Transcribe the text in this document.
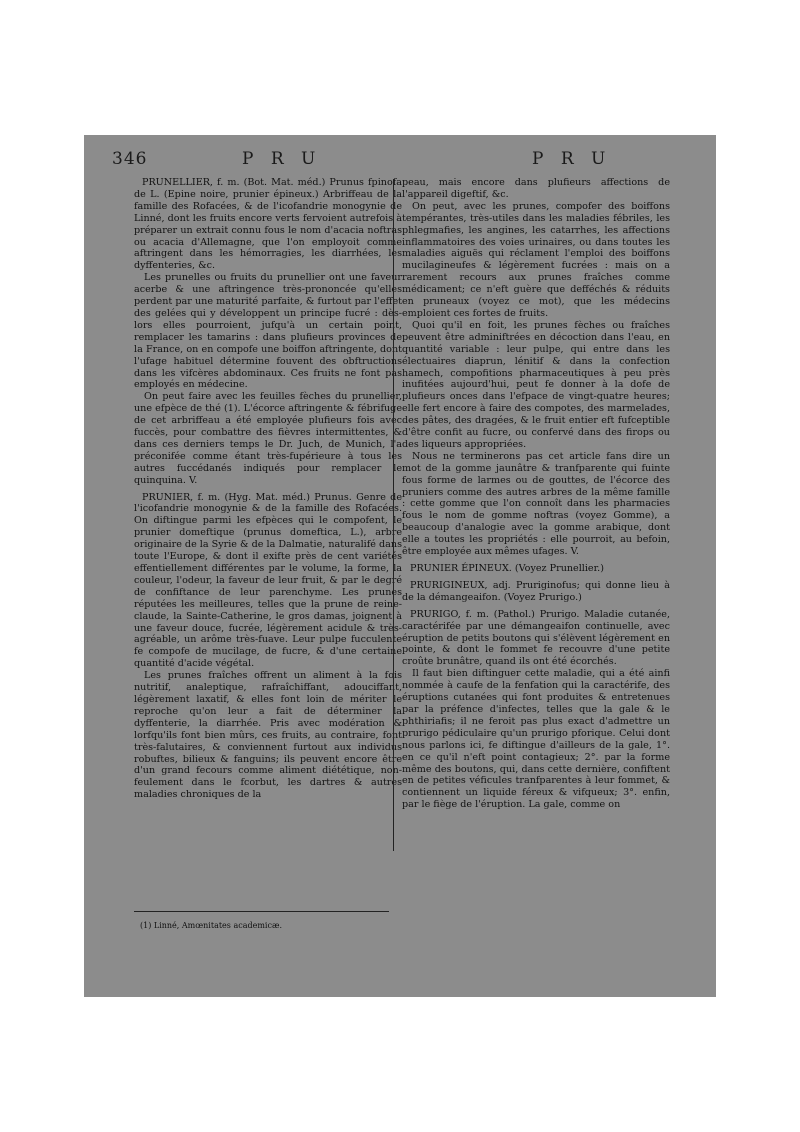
346	P R U	P R U

PRUNELLIER, f. m. (Bot. Mat. méd.) Prunus fpinofa de L. (Epine noire, prunier épineux.) Arbriffeau de la famille des Rofacées, & de l'icofandrie monogynie de Linné, dont les fruits encore verts fervoient autrefois à préparer un extrait connu fous le nom d'acacia noftras ou acacia d'Allemagne, que l'on employoit comme aftringent dans les hémorragies, les diarrhées, les dyffenteries, &c.

Les prunelles ou fruits du prunellier ont une faveur acerbe & une aftringence très-prononcée qu'elles perdent par une maturité parfaite, & furtout par l'effet des gelées qui y développent un principe fucré : dès-lors elles pourroient, jufqu'à un certain point, remplacer les tamarins : dans plufieurs provinces de la France, on en compofe une boiffon aftringente, dont l'ufage habituel détermine fouvent des obftructions dans les vifcères abdominaux. Ces fruits ne font pas employés en médecine.

On peut faire avec les feuilles fèches du prunellier, une efpèce de thé (1). L'écorce aftringente & fébrifuge de cet arbriffeau a été employée plufieurs fois avec fuccès, pour combattre des fièvres intermittentes, & dans ces derniers temps le Dr. Juch, de Munich, l'a préconifée comme étant très-fupérieure à tous les autres fuccédanés indiqués pour remplacer le quinquina. V.

PRUNIER, f. m. (Hyg. Mat. méd.) Prunus. Genre de l'icofandrie monogynie & de la famille des Rofacées. On diftingue parmi les efpèces qui le compofent, le prunier domeftique (prunus domeftica, L.), arbre originaire de la Syrie & de la Dalmatie, naturalifé dans toute l'Europe, & dont il exifte près de cent variétés effentiellement différentes par le volume, la forme, la couleur, l'odeur, la faveur de leur fruit, & par le degré de confiftance de leur parenchyme. Les prunes réputées les meilleures, telles que la prune de reine-claude, la Sainte-Catherine, le gros damas, joignent à une faveur douce, fucrée, légèrement acidule & très-agréable, un arôme très-fuave. Leur pulpe fucculente fe compofe de mucilage, de fucre, & d'une certaine quantité d'acide végétal.

Les prunes fraîches offrent un aliment à la fois nutritif, analeptique, rafraîchiffant, adouciffant, légèrement laxatif, & elles font loin de mériter le reproche qu'on leur a fait de déterminer la dyffenterie, la diarrhée. Pris avec modération & lorfqu'ils font bien mûrs, ces fruits, au contraire, font très-falutaires, & conviennent furtout aux individus robuftes, bilieux & fanguins; ils peuvent encore être d'un grand fecours comme aliment diététique, non-feulement dans le fcorbut, les dartres & autres maladies chroniques de la

peau, mais encore dans plufieurs affections de l'appareil digeftif, &c.

On peut, avec les prunes, compofer des boiffons tempérantes, très-utiles dans les maladies fébriles, les phlegmafies, les angines, les catarrhes, les affections inflammatoires des voies urinaires, ou dans toutes les maladies aiguës qui réclament l'emploi des boiffons mucilagineufes & légèrement fucrées : mais on a rarement recours aux prunes fraîches comme médicament; ce n'eft guère que defféchés & réduits en pruneaux (voyez ce mot), que les médecins emploient ces fortes de fruits.

Quoi qu'il en foit, les prunes fèches ou fraîches peuvent être adminiftrées en décoction dans l'eau, en quantité variable : leur pulpe, qui entre dans les électuaires diaprun, lénitif & dans la confection hamech, compofitions pharmaceutiques à peu près inufitées aujourd'hui, peut fe donner à la dofe de plufieurs onces dans l'efpace de vingt-quatre heures; elle fert encore à faire des compotes, des marmelades, des pâtes, des dragées, & le fruit entier eft fufceptible d'être confit au fucre, ou confervé dans des firops ou des liqueurs appropriées.

Nous ne terminerons pas cet article fans dire un mot de la gomme jaunâtre & tranfparente qui fuinte fous forme de larmes ou de gouttes, de l'écorce des pruniers comme des autres arbres de la même famille : cette gomme que l'on connoît dans les pharmacies fous le nom de gomme noftras (voyez Gomme), a beaucoup d'analogie avec la gomme arabique, dont elle a toutes les propriétés : elle pourroit, au befoin, être employée aux mêmes ufages. V.

PRUNIER ÉPINEUX. (Voyez Prunellier.)

PRURIGINEUX, adj. Pruriginofus; qui donne lieu à de la démangeaifon. (Voyez Prurigo.)

PRURIGO, f. m. (Pathol.) Prurigo. Maladie cutanée, caractérifée par une démangeaifon continuelle, avec éruption de petits boutons qui s'élèvent légèrement en pointe, & dont le fommet fe recouvre d'une petite croûte brunâtre, quand ils ont été écorchés.

Il faut bien diftinguer cette maladie, qui a été ainfi nommée à caufe de la fenfation qui la caractérife, des éruptions cutanées qui font produites & entretenues par la préfence d'infectes, telles que la gale & le phthiriafis; il ne feroit pas plus exact d'admettre un prurigo pédiculaire qu'un prurigo pforique. Celui dont nous parlons ici, fe diftingue d'ailleurs de la gale, 1°. en ce qu'il n'eft point contagieux; 2°. par la forme même des boutons, qui, dans cette dernière, confiftent en de petites véficules tranfparentes à leur fommet, & contiennent un liquide féreux & vifqueux; 3°. enfin, par le fiège de l'éruption. La gale, comme on

(1) Linné, Amœnitates academicæ.
